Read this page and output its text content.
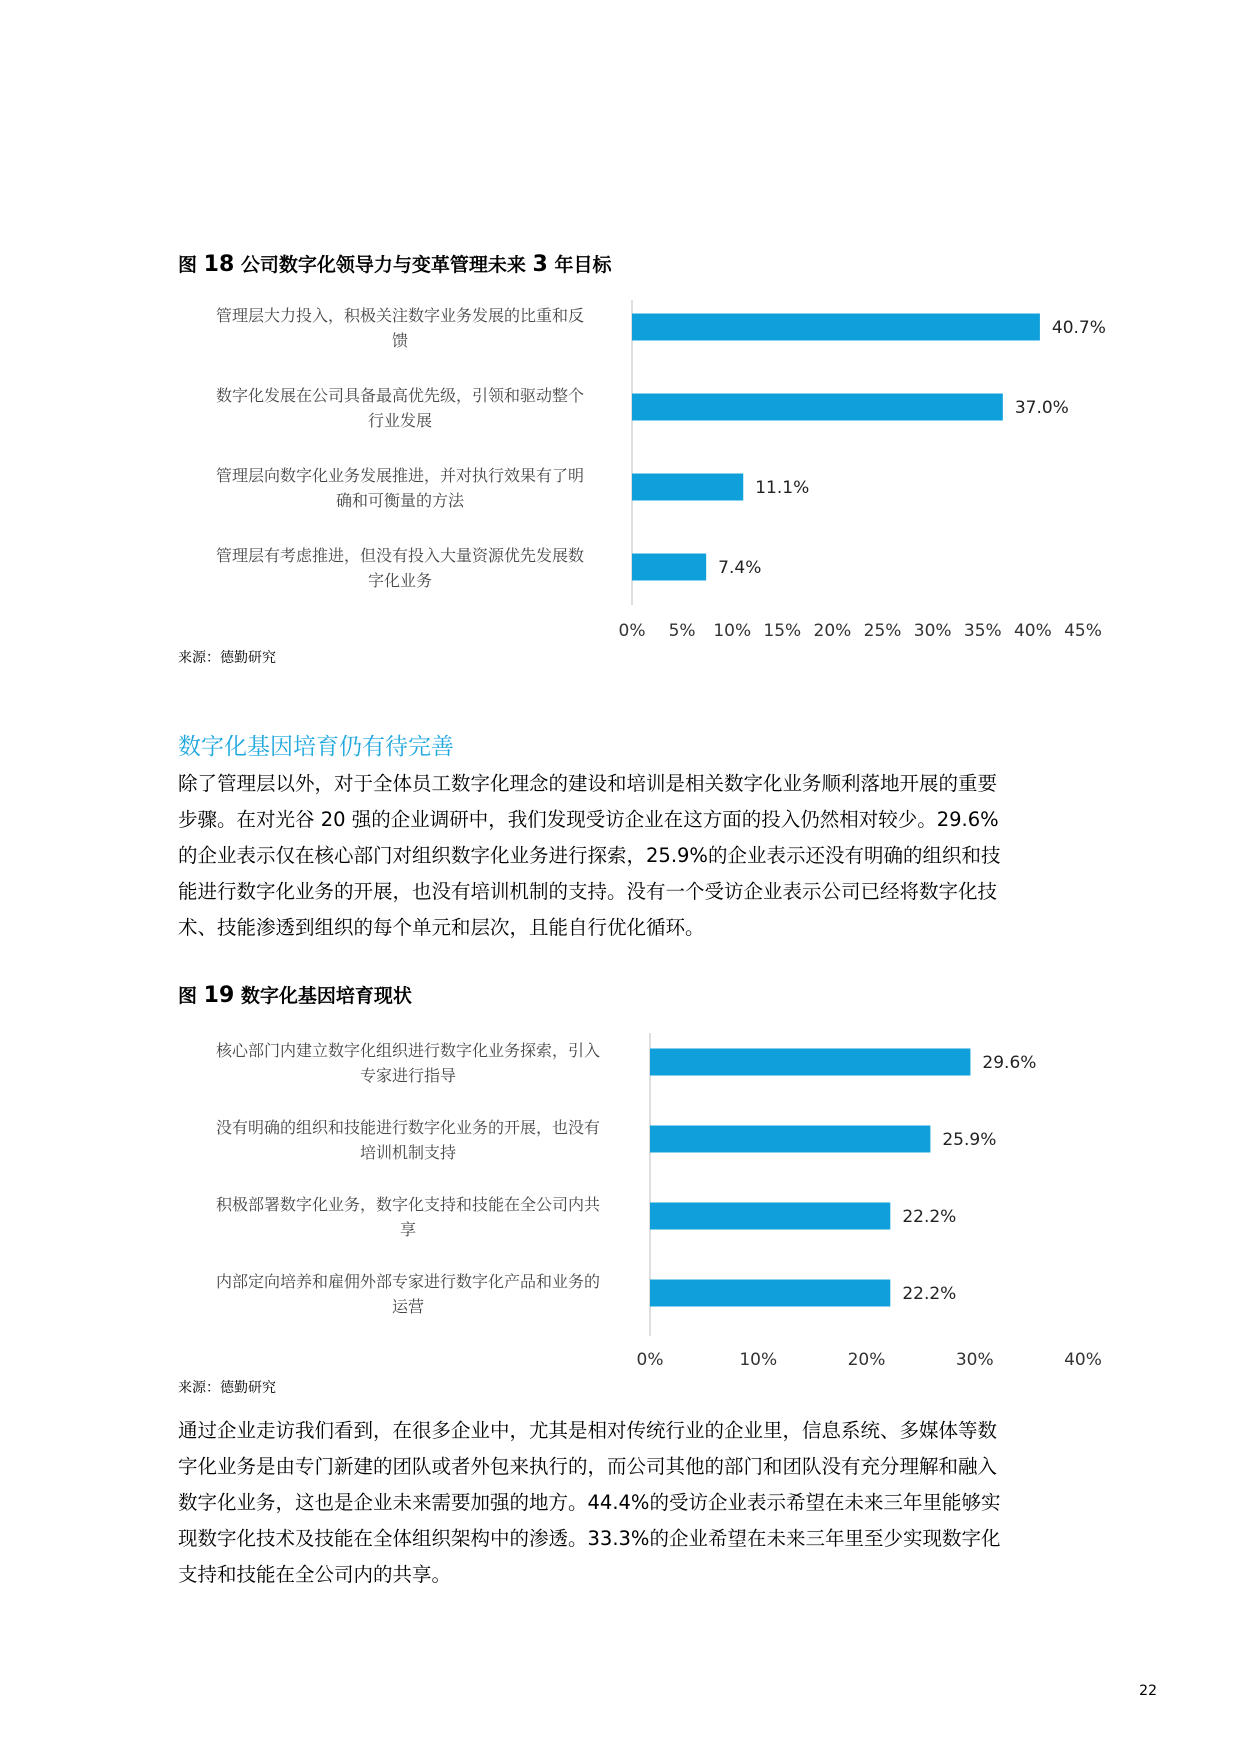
图 18 公司数字化领导力与变革管理未来 3 年目标
40.7%
管理层大力投入，积极关注数字业务发展的比重和反
馈
37.0%
数字化发展在公司具备最高优先级，引领和驱动整个
行业发展
11.1%
管理层向数字化业务发展推进，并对执行效果有了明
确和可衡量的方法
7.4%
管理层有考虑推进，但没有投入大量资源优先发展数
字化业务
0% 5% 10% 15% 20% 25% 30% 35% 40% 45%
来源：德勤研究
数字化基因培育仍有待完善
除了管理层以外，对于全体员工数字化理念的建设和培训是相关数字化业务顺利落地开展的重要
步骤。在对光谷 20 强的企业调研中，我们发现受访企业在这方面的投入仍然相对较少。29.6%
的企业表示仅在核心部门对组织数字化业务进行探索，25.9%的企业表示还没有明确的组织和技
能进行数字化业务的开展，也没有培训机制的支持。没有一个受访企业表示公司已经将数字化技
术、技能渗透到组织的每个单元和层次，且能自行优化循环。
图 19 数字化基因培育现状
29.6%
核心部门内建立数字化组织进行数字化业务探索，引入
专家进行指导
25.9%
没有明确的组织和技能进行数字化业务的开展，也没有
培训机制支持
22.2%
积极部署数字化业务，数字化支持和技能在全公司内共
享
22.2%
内部定向培养和雇佣外部专家进行数字化产品和业务的
运营
0%	10%	20%	30%	40%
来源：德勤研究
通过企业走访我们看到，在很多企业中，尤其是相对传统行业的企业里，信息系统、多媒体等数
字化业务是由专门新建的团队或者外包来执行的，而公司其他的部门和团队没有充分理解和融入
数字化业务，这也是企业未来需要加强的地方。44.4%的受访企业表示希望在未来三年里能够实
现数字化技术及技能在全体组织架构中的渗透。33.3%的企业希望在未来三年里至少实现数字化
支持和技能在全公司内的共享。
22
